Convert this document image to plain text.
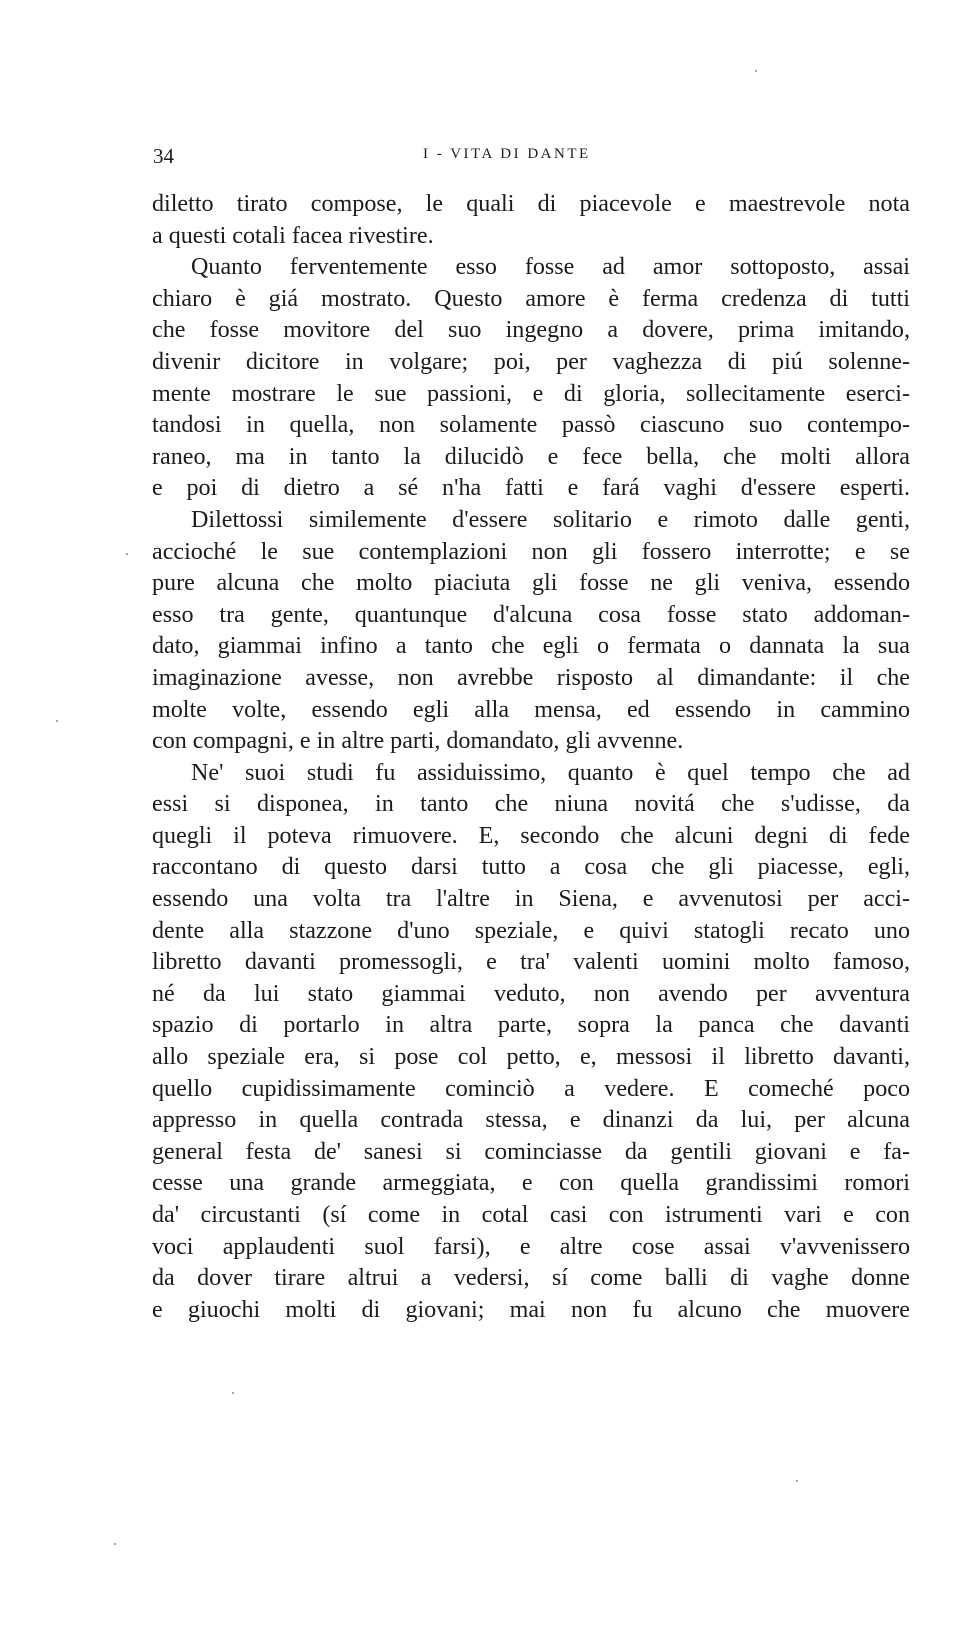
34	I - VITA DI DANTE
diletto tirato compose, le quali di piacevole e maestrevole nota
a questi cotali facea rivestire.
Quanto ferventemente esso fosse ad amor sottoposto, assai
chiaro è giá mostrato. Questo amore è ferma credenza di tutti
che fosse movitore del suo ingegno a dovere, prima imitando,
divenir dicitore in volgare; poi, per vaghezza di piú solenne-
mente mostrare le sue passioni, e di gloria, sollecitamente eserci-
tandosi in quella, non solamente passò ciascuno suo contempo-
raneo, ma in tanto la dilucidò e fece bella, che molti allora
e poi di dietro a sé n'ha fatti e fará vaghi d'essere esperti.
Dilettossi similemente d'essere solitario e rimoto dalle genti,
accioché le sue contemplazioni non gli fossero interrotte; e se
pure alcuna che molto piaciuta gli fosse ne gli veniva, essendo
esso tra gente, quantunque d'alcuna cosa fosse stato addoman-
dato, giammai infino a tanto che egli o fermata o dannata la sua
imaginazione avesse, non avrebbe risposto al dimandante: il che
molte volte, essendo egli alla mensa, ed essendo in cammino
con compagni, e in altre parti, domandato, gli avvenne.
Ne' suoi studi fu assiduissimo, quanto è quel tempo che ad
essi si disponea, in tanto che niuna novitá che s'udisse, da
quegli il poteva rimuovere. E, secondo che alcuni degni di fede
raccontano di questo darsi tutto a cosa che gli piacesse, egli,
essendo una volta tra l'altre in Siena, e avvenutosi per acci-
dente alla stazzone d'uno speziale, e quivi statogli recato uno
libretto davanti promessogli, e tra' valenti uomini molto famoso,
né da lui stato giammai veduto, non avendo per avventura
spazio di portarlo in altra parte, sopra la panca che davanti
allo speziale era, si pose col petto, e, messosi il libretto davanti,
quello cupidissimamente cominciò a vedere. E comeché poco
appresso in quella contrada stessa, e dinanzi da lui, per alcuna
general festa de' sanesi si cominciasse da gentili giovani e fa-
cesse una grande armeggiata, e con quella grandissimi romori
da' circustanti (sí come in cotal casi con istrumenti vari e con
voci applaudenti suol farsi), e altre cose assai v'avvenissero
da dover tirare altrui a vedersi, sí come balli di vaghe donne
e giuochi molti di giovani; mai non fu alcuno che muovere
